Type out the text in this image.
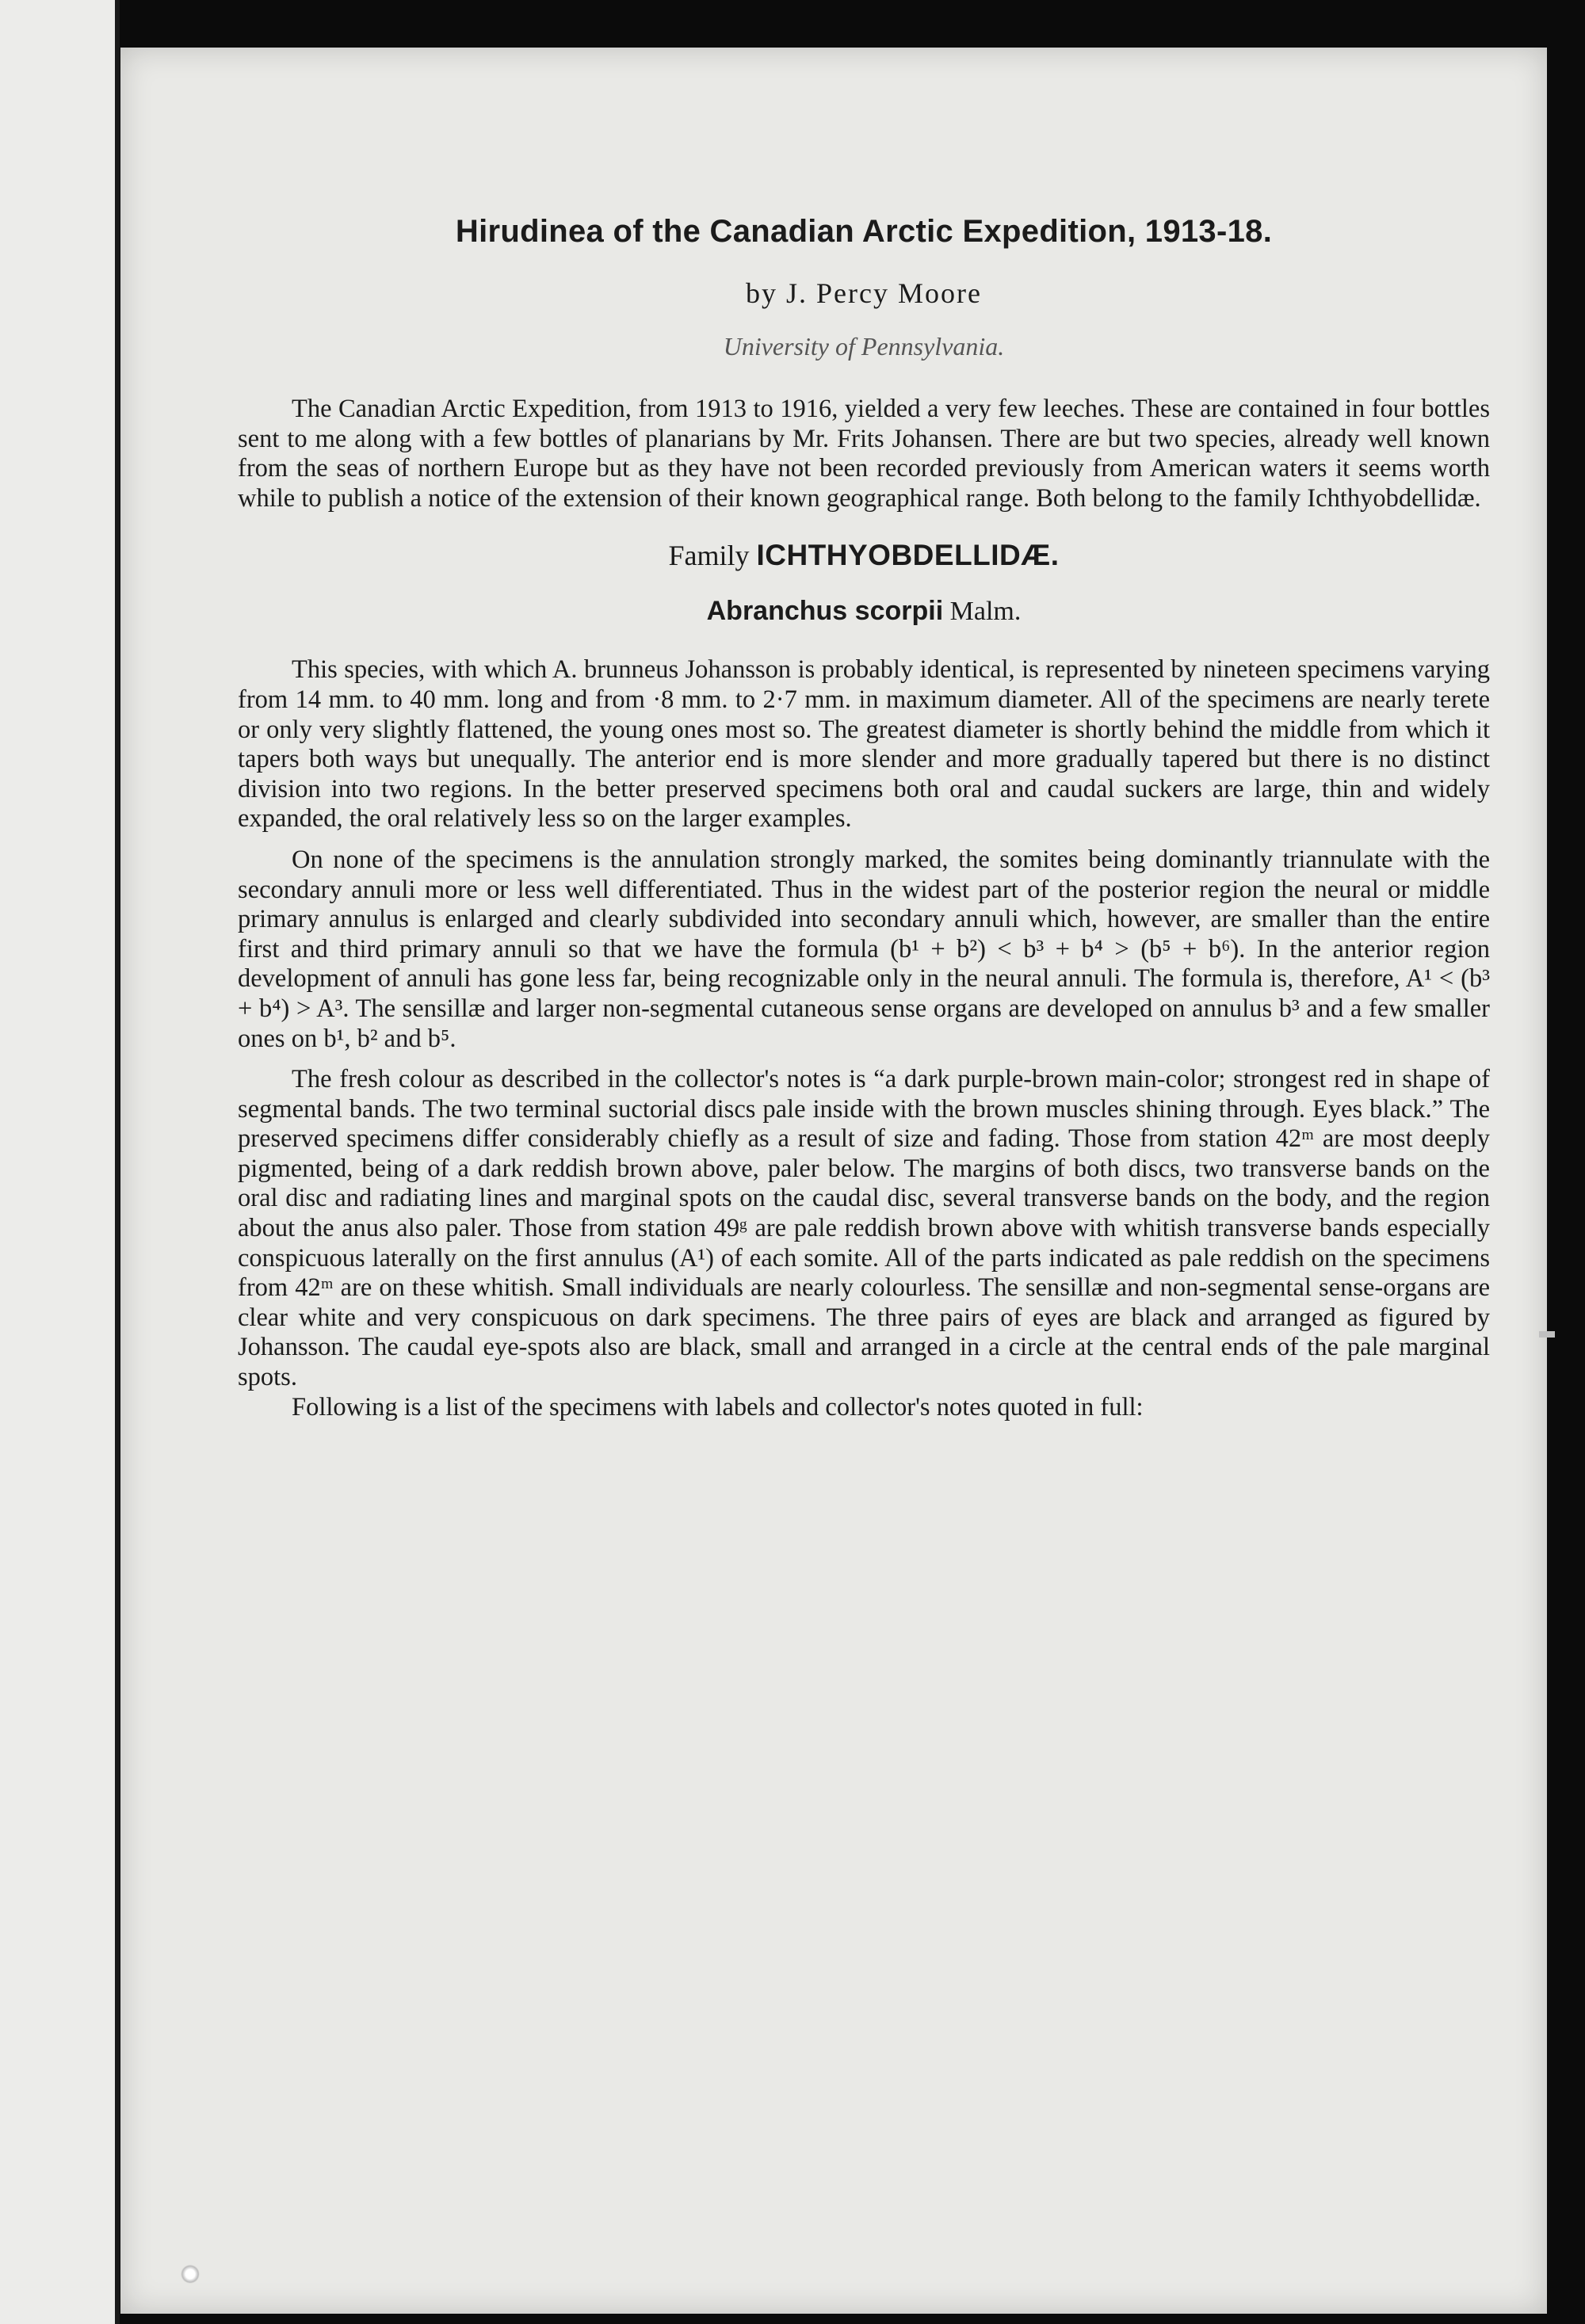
Hirudinea of the Canadian Arctic Expedition, 1913-18.
by J. Percy Moore
University of Pennsylvania.

The Canadian Arctic Expedition, from 1913 to 1916, yielded a very few leeches. These are contained in four bottles sent to me along with a few bottles of planarians by Mr. Frits Johansen. There are but two species, already well known from the seas of northern Europe but as they have not been recorded previously from American waters it seems worth while to publish a notice of the extension of their known geographical range. Both belong to the family Ichthyobdellidæ.

Family ICHTHYOBDELLIDÆ.
Abranchus scorpii Malm.

This species, with which A. brunneus Johansson is probably identical, is represented by nineteen specimens varying from 14 mm. to 40 mm. long and from ·8 mm. to 2·7 mm. in maximum diameter. All of the specimens are nearly terete or only very slightly flattened, the young ones most so. The greatest diameter is shortly behind the middle from which it tapers both ways but unequally. The anterior end is more slender and more gradually tapered but there is no distinct division into two regions. In the better preserved specimens both oral and caudal suckers are large, thin and widely expanded, the oral relatively less so on the larger examples.

On none of the specimens is the annulation strongly marked, the somites being dominantly triannulate with the secondary annuli more or less well differentiated. Thus in the widest part of the posterior region the neural or middle primary annulus is enlarged and clearly subdivided into secondary annuli which, however, are smaller than the entire first and third primary annuli so that we have the formula (b¹ + b²) < b³ + b⁴ > (b⁵ + b⁶). In the anterior region development of annuli has gone less far, being recognizable only in the neural annuli. The formula is, therefore, A¹ < (b³ + b⁴) > A³. The sensillæ and larger non-segmental cutaneous sense organs are developed on annulus b³ and a few smaller ones on b¹, b² and b⁵.

The fresh colour as described in the collector's notes is “a dark purple-brown main-color; strongest red in shape of segmental bands. The two terminal suctorial discs pale inside with the brown muscles shining through. Eyes black.” The preserved specimens differ considerably chiefly as a result of size and fading. Those from station 42ᵐ are most deeply pigmented, being of a dark reddish brown above, paler below. The margins of both discs, two transverse bands on the oral disc and radiating lines and marginal spots on the caudal disc, several transverse bands on the body, and the region about the anus also paler. Those from station 49ᵍ are pale reddish brown above with whitish transverse bands especially conspicuous laterally on the first annulus (A¹) of each somite. All of the parts indicated as pale reddish on the specimens from 42ᵐ are on these whitish. Small individuals are nearly colourless. The sensillæ and non-segmental sense-organs are clear white and very conspicuous on dark specimens. The three pairs of eyes are black and arranged as figured by Johansson. The caudal eye-spots also are black, small and arranged in a circle at the central ends of the pale marginal spots.

Following is a list of the specimens with labels and collector's notes quoted in full:
